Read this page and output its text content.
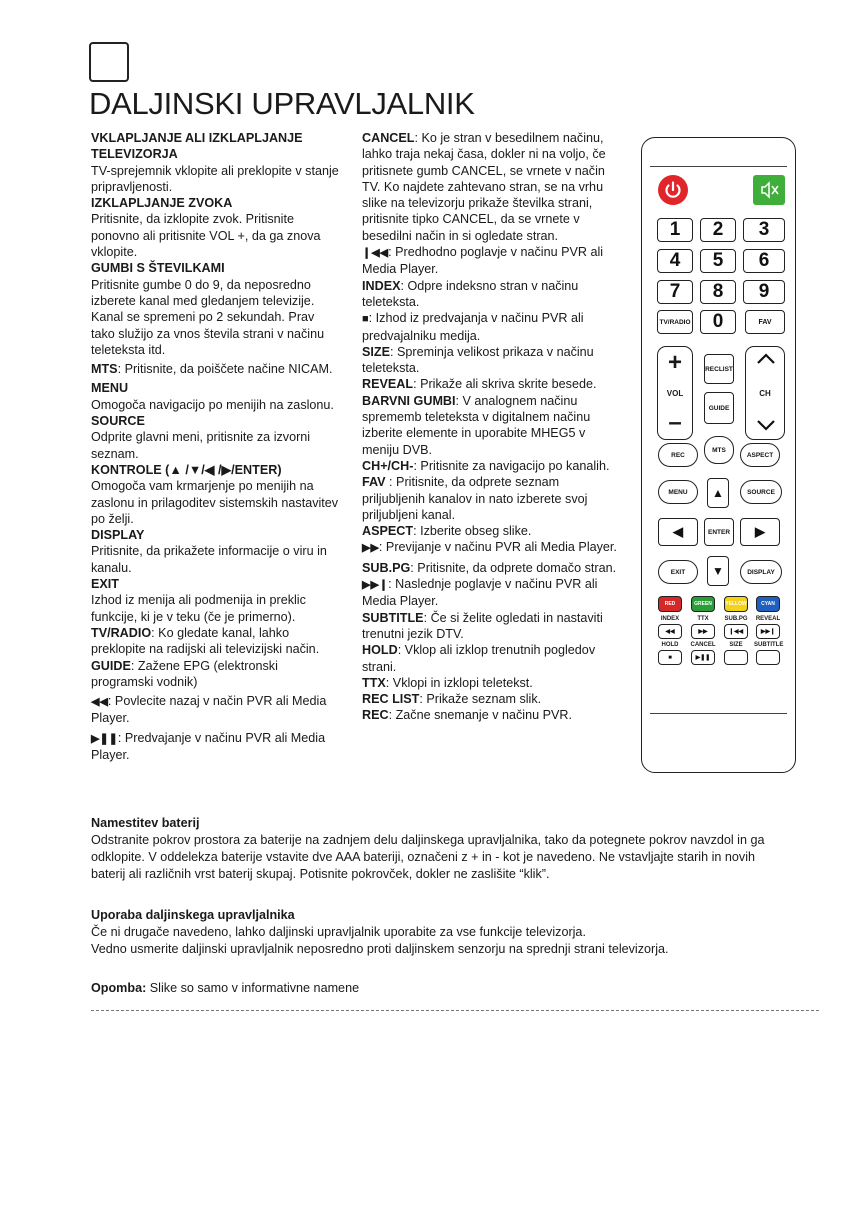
DALJINSKI UPRAVLJALNIK

VKLAPLJANJE ALI IZKLAPLJANJE TELEVIZORJA

TV-sprejemnik vklopite ali preklopite v stanje pripravljenosti.

IZKLAPLJANJE ZVOKA

Pritisnite, da izklopite zvok. Pritisnite ponovno ali pritisnite VOL +, da ga znova vklopite.

GUMBI S ŠTEVILKAMI

Pritisnite gumbe 0 do 9, da neposredno izberete kanal med gledanjem televizije. Kanal se spremeni po 2 sekundah. Prav tako služijo za vnos števila strani v načinu teleteksta itd.

MTS: Pritisnite, da poiščete načine NICAM.

MENU

Omogoča navigacijo po menijih na zaslonu.

SOURCE

Odprite glavni meni, pritisnite za izvorni seznam.

KONTROLE (▲ /▼/◀ /▶/ENTER)

Omogoča vam krmarjenje po menijih na zaslonu in prilagoditev sistemskih nastavitev po želji.

DISPLAY

Pritisnite, da prikažete informacije o viru in kanalu.

EXIT

Izhod iz menija ali podmenija in preklic funkcije, ki je v teku (če je primerno).

TV/RADIO: Ko gledate kanal, lahko preklopite na radijski ali televizijski način.

GUIDE: Zažene EPG (elektronski programski vodnik)

◀◀: Povlecite nazaj v način PVR ali Media Player.

▶❚❚: Predvajanje v načinu PVR ali Media Player.

CANCEL: Ko je stran v besedilnem načinu, lahko traja nekaj časa, dokler ni na voljo, če pritisnete gumb CANCEL, se vrnete v način TV. Ko najdete zahtevano stran, se na vrhu slike na televizorju prikaže številka strani, pritisnite tipko CANCEL, da se vrnete v besedilni način in si ogledate stran.

❙◀◀: Predhodno poglavje v načinu PVR ali Media Player.

INDEX: Odpre indeksno stran v načinu teleteksta.

■: Izhod iz predvajanja v načinu PVR ali predvajalniku medija.

SIZE: Spreminja velikost prikaza v načinu teleteksta.

REVEAL: Prikaže ali skriva skrite besede.

BARVNI GUMBI: V analognem načinu sprememb teleteksta v digitalnem načinu izberite elemente in uporabite MHEG5 v meniju DVB.

CH+/CH-: Pritisnite za navigacijo po kanalih.

FAV : Pritisnite, da odprete seznam priljubljenih kanalov in nato izberete svoj priljubljeni kanal.

ASPECT: Izberite obseg slike.

▶▶: Previjanje v načinu PVR ali Media Player.

SUB.PG: Pritisnite, da odprete domačo stran.

▶▶❙: Naslednje poglavje v načinu PVR ali Media Player.

SUBTITLE: Če si želite ogledati in nastaviti trenutni jezik DTV.

HOLD: Vklop ali izklop trenutnih pogledov strani.

TTX: Vklopi in izklopi teletekst.

REC LIST: Prikaže seznam slik.

REC: Začne snemanje v načinu PVR.

1	2	3
4	5	6
7	8	9
0
TV/RADIO	FAV
+
VOL
–
RECLIST
GUIDE
CH
REC
MTS
ASPECT
MENU	▲	SOURCE
◀	ENTER	▶
EXIT	▼	DISPLAY
RED	GREEN	YELLOW	CYAN
INDEX
◀◀
TTX
▶▶
SUB.PG
❙◀◀
REVEAL
▶▶❙
HOLD
■
CANCEL
▶❚❚
SIZE	SUBTITLE

Namestitev baterij

Odstranite pokrov prostora za baterije na zadnjem delu daljinskega upravljalnika, tako da potegnete pokrov navzdol in ga odklopite. V oddelekza baterije vstavite dve AAA bateriji, označeni z + in - kot je navedeno. Ne vstavljajte starih in novih baterij ali različnih vrst baterij skupaj. Potisnite pokrovček, dokler ne zaslišite “klik”.

Uporaba daljinskega upravljalnika

Če ni drugače navedeno, lahko daljinski upravljalnik uporabite za vse funkcije televizorja.

Vedno usmerite daljinski upravljalnik neposredno proti daljinskem senzorju na sprednji strani televizorja.

Opomba: Slike so samo v informativne namene
